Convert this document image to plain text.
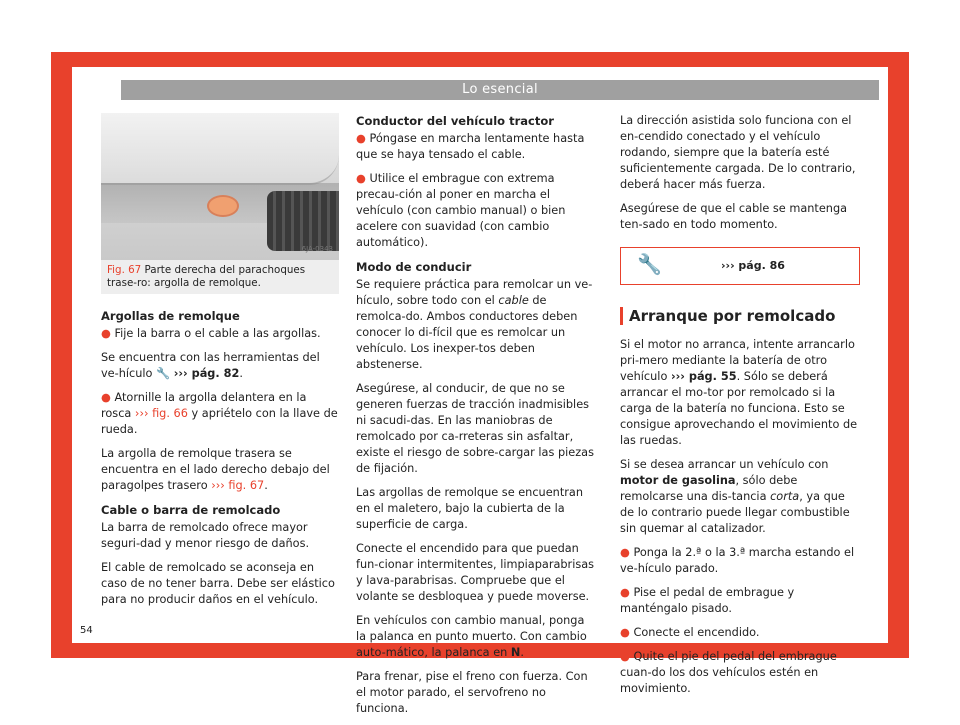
Lo esencial
6JA-0343
Fig. 67 Parte derecha del parachoques trase-ro: argolla de remolque.
Argollas de remolque

● Fije la barra o el cable a las argollas.

Se encuentra con las herramientas del ve-hículo 🔧 ››› pág. 82.

● Atornille la argolla delantera en la rosca ››› fig. 66 y apriételo con la llave de rueda.

La argolla de remolque trasera se encuentra en el lado derecho debajo del paragolpes trasero ››› fig. 67.

Cable o barra de remolcado

La barra de remolcado ofrece mayor seguri-dad y menor riesgo de daños.

El cable de remolcado se aconseja en caso de no tener barra. Debe ser elástico para no producir daños en el vehículo.

Conductor del vehículo tractor

● Póngase en marcha lentamente hasta que se haya tensado el cable.

● Utilice el embrague con extrema precau-ción al poner en marcha el vehículo (con cambio manual) o bien acelere con suavidad (con cambio automático).

Modo de conducir

Se requiere práctica para remolcar un ve-hículo, sobre todo con el cable de remolca-do. Ambos conductores deben conocer lo di-fícil que es remolcar un vehículo. Los inexper-tos deben abstenerse.

Asegúrese, al conducir, de que no se generen fuerzas de tracción inadmisibles ni sacudi-das. En las maniobras de remolcado por ca-rreteras sin asfaltar, existe el riesgo de sobre-cargar las piezas de fijación.

Las argollas de remolque se encuentran en el maletero, bajo la cubierta de la superficie de carga.

Conecte el encendido para que puedan fun-cionar intermitentes, limpiaparabrisas y lava-parabrisas. Compruebe que el volante se desbloquea y puede moverse.

En vehículos con cambio manual, ponga la palanca en punto muerto. Con cambio auto-mático, la palanca en N.

Para frenar, pise el freno con fuerza. Con el motor parado, el servofreno no funciona.

La dirección asistida solo funciona con el en-cendido conectado y el vehículo rodando, siempre que la batería esté suficientemente cargada. De lo contrario, deberá hacer más fuerza.

Asegúrese de que el cable se mantenga ten-sado en todo momento.

🔧	››› pág. 86
Arranque por remolcado

Si el motor no arranca, intente arrancarlo pri-mero mediante la batería de otro vehículo ››› pág. 55. Sólo se deberá arrancar el mo-tor por remolcado si la carga de la batería no funciona. Esto se consigue aprovechando el movimiento de las ruedas.

Si se desea arrancar un vehículo con motor de gasolina, sólo debe remolcarse una dis-tancia corta, ya que de lo contrario puede llegar combustible sin quemar al catalizador.

● Ponga la 2.ª o la 3.ª marcha estando el ve-hículo parado.

● Pise el pedal de embrague y manténgalo pisado.

● Conecte el encendido.

● Quite el pie del pedal del embrague cuan-do los dos vehículos estén en movimiento.

54
